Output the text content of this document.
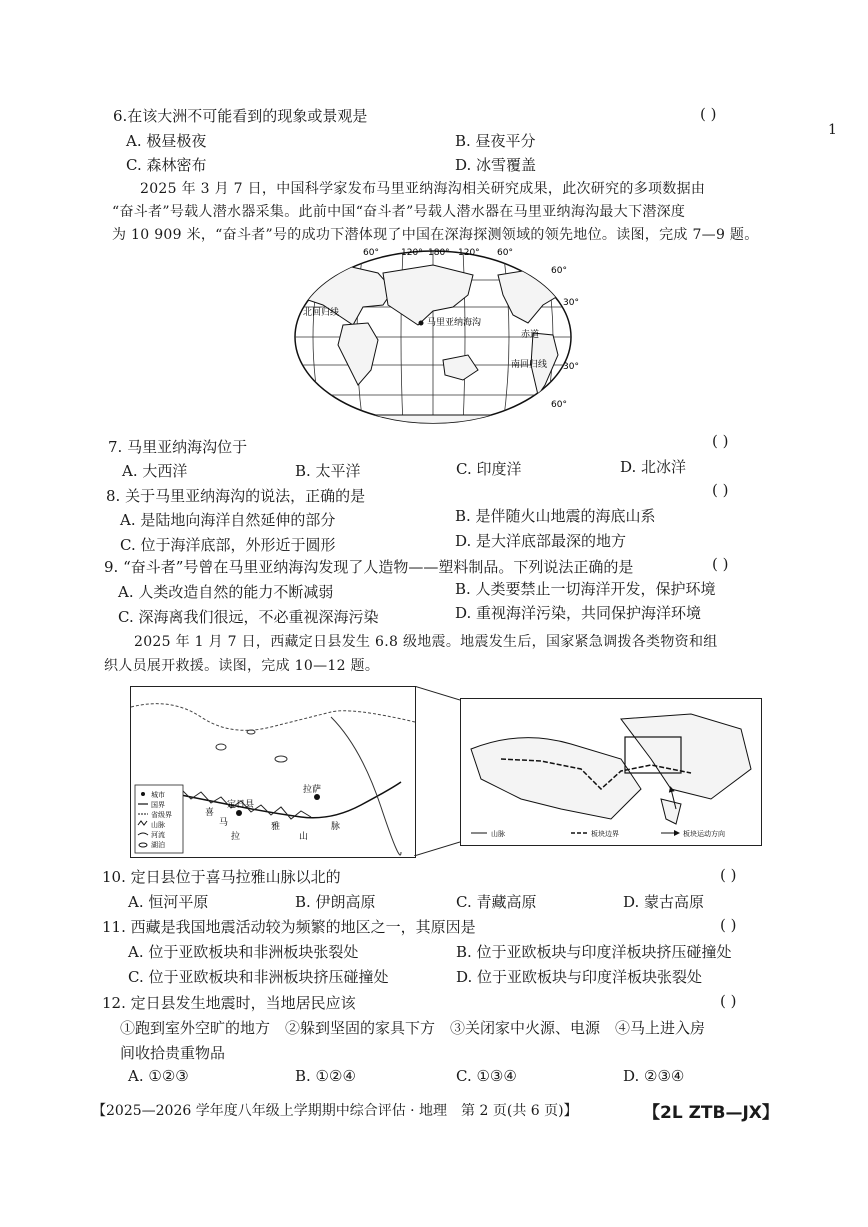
6.在该大洲不可能看到的现象或景观是	( )
1
A. 极昼极夜	B. 昼夜平分
C. 森林密布	D. 冰雪覆盖
2025 年 3 月 7 日，中国科学家发布马里亚纳海沟相关研究成果，此次研究的多项数据由
“奋斗者”号载人潜水器采集。此前中国“奋斗者”号载人潜水器在马里亚纳海沟最大下潜深度
为 10 909 米，“奋斗者”号的成功下潜体现了中国在深海探测领域的领先地位。读图，完成 7—9 题。
马里亚纳海沟
赤道
北回归线
南回归线
60° 120° 180° 120° 60°
60°
30°
30°
60°
7. 马里亚纳海沟位于	( )
A. 大西洋	B. 太平洋	C. 印度洋	D. 北冰洋
8. 关于马里亚纳海沟的说法，正确的是	( )
A. 是陆地向海洋自然延伸的部分	B. 是伴随火山地震的海底山系
C. 位于海洋底部，外形近于圆形	D. 是大洋底部最深的地方
9. “奋斗者”号曾在马里亚纳海沟发现了人造物——塑料制品。下列说法正确的是	( )
A. 人类改造自然的能力不断减弱	B. 人类要禁止一切海洋开发，保护环境
C. 深海离我们很远，不必重视深海污染	D. 重视海洋污染，共同保护海洋环境
2025 年 1 月 7 日，西藏定日县发生 6.8 级地震。地震发生后，国家紧急调拨各类物资和组
织人员展开救援。读图，完成 10—12 题。
定日县
拉萨
喜
马
拉
雅
山
脉
城市
国界
省级界
山脉
河流
湖泊
山脉	板块边界	板块运动方向
10. 定日县位于喜马拉雅山脉以北的	( )
A. 恒河平原	B. 伊朗高原	C. 青藏高原	D. 蒙古高原
11. 西藏是我国地震活动较为频繁的地区之一，其原因是	( )
A. 位于亚欧板块和非洲板块张裂处	B. 位于亚欧板块与印度洋板块挤压碰撞处
C. 位于亚欧板块和非洲板块挤压碰撞处	D. 位于亚欧板块与印度洋板块张裂处
12. 定日县发生地震时，当地居民应该	( )
①跑到室外空旷的地方　②躲到坚固的家具下方　③关闭家中火源、电源　④马上进入房
间收拾贵重物品
A. ①②③	B. ①②④	C. ①③④	D. ②③④
【2025—2026 学年度八年级上学期期中综合评估 · 地理　第 2 页(共 6 页)】	【2L ZTB—JX】
